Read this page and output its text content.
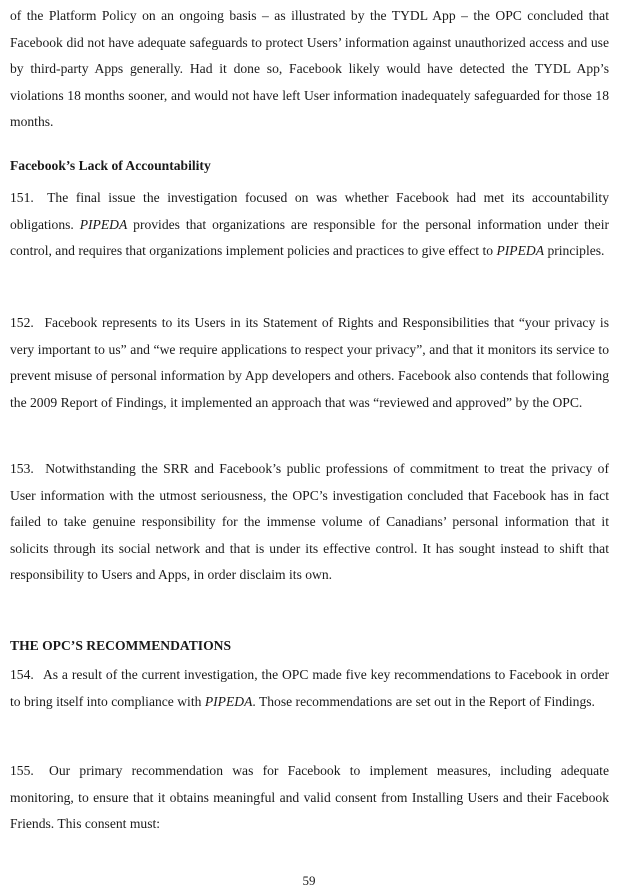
of the Platform Policy on an ongoing basis – as illustrated by the TYDL App – the OPC concluded that Facebook did not have adequate safeguards to protect Users’ information against unauthorized access and use by third-party Apps generally. Had it done so, Facebook likely would have detected the TYDL App’s violations 18 months sooner, and would not have left User information inadequately safeguarded for those 18 months.
Facebook’s Lack of Accountability
151. The final issue the investigation focused on was whether Facebook had met its accountability obligations. PIPEDA provides that organizations are responsible for the personal information under their control, and requires that organizations implement policies and practices to give effect to PIPEDA principles.
152. Facebook represents to its Users in its Statement of Rights and Responsibilities that “your privacy is very important to us” and “we require applications to respect your privacy”, and that it monitors its service to prevent misuse of personal information by App developers and others. Facebook also contends that following the 2009 Report of Findings, it implemented an approach that was “reviewed and approved” by the OPC.
153. Notwithstanding the SRR and Facebook’s public professions of commitment to treat the privacy of User information with the utmost seriousness, the OPC’s investigation concluded that Facebook has in fact failed to take genuine responsibility for the immense volume of Canadians’ personal information that it solicits through its social network and that is under its effective control. It has sought instead to shift that responsibility to Users and Apps, in order disclaim its own.
THE OPC’S RECOMMENDATIONS
154. As a result of the current investigation, the OPC made five key recommendations to Facebook in order to bring itself into compliance with PIPEDA. Those recommendations are set out in the Report of Findings.
155. Our primary recommendation was for Facebook to implement measures, including adequate monitoring, to ensure that it obtains meaningful and valid consent from Installing Users and their Facebook Friends. This consent must:
59
